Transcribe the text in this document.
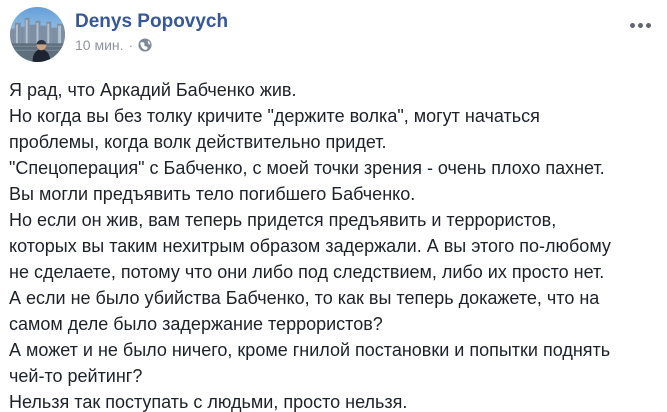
Denys Popovych
10 мин. ·
Я рад, что Аркадий Бабченко жив.
Но когда вы без толку кричите "держите волка", могут начаться
проблемы, когда волк действительно придет.
"Спецоперация" с Бабченко, с моей точки зрения - очень плохо пахнет.
Вы могли предъявить тело погибшего Бабченко.
Но если он жив, вам теперь придется предъявить и террористов,
которых вы таким нехитрым образом задержали. А вы этого по-любому
не сделаете, потому что они либо под следствием, либо их просто нет.
А если не было убийства Бабченко, то как вы теперь докажете, что на
самом деле было задержание террористов?
А может и не было ничего, кроме гнилой постановки и попытки поднять
чей-то рейтинг?
Нельзя так поступать с людьми, просто нельзя.
